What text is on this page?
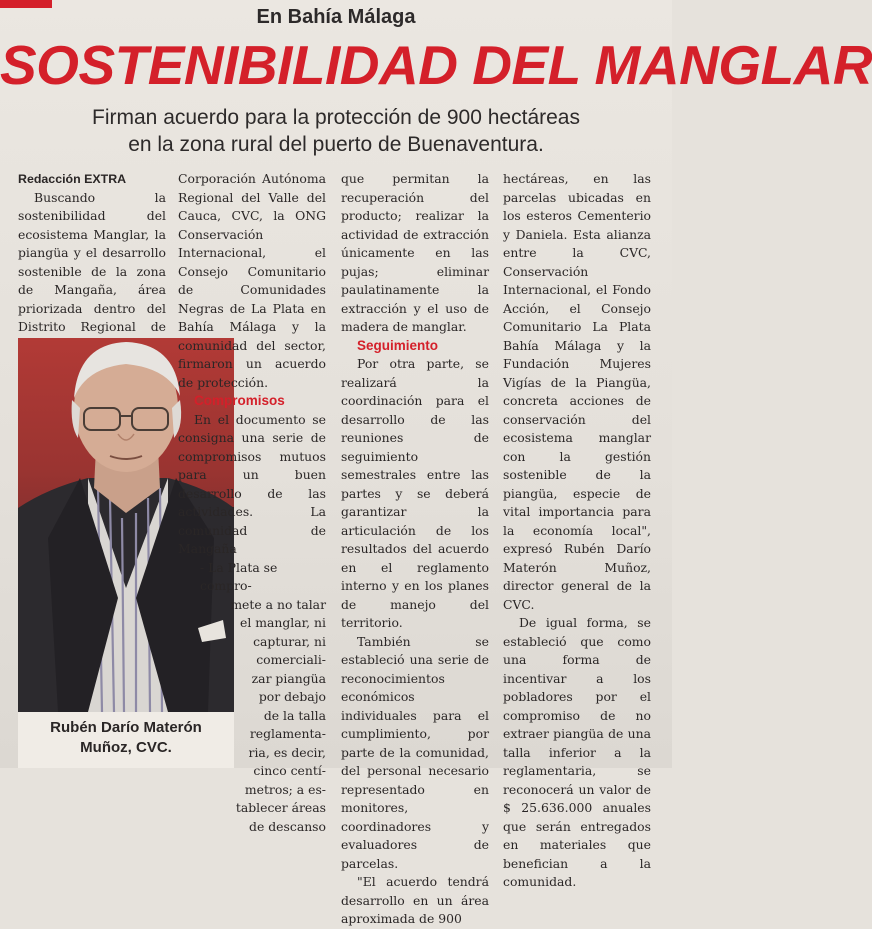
En Bahía Málaga
SOSTENIBILIDAD DEL MANGLAR
Firman acuerdo para la protección de 900 hectáreas
en la zona rural del puerto de Buenaventura.

Redacción EXTRA

Buscando la sostenibilidad del ecosistema Manglar, la piangüa y el desarrollo sostenible de la zona de Mangaña, área priorizada dentro del Distrito Regional de

Rubén Darío Materón
Muñoz, CVC.

Corporación Autónoma Regional del Valle del Cauca, CVC, la ONG Conservación Internacional, el Consejo Comunitario de Comunidades Negras de La Plata en Bahía Málaga y la comunidad del sector, firmaron un acuerdo de protección.

Compromisos

En el documento se consigna una serie de compromisos mutuos para un buen desarrollo de las actividades. La comunidad de Mangaña

- La Plata se compro-
mete a no talar
el manglar, ni
capturar, ni
comerciali-
zar piangüa
por debajo
de la talla
reglamenta-
ria, es decir,
cinco centí-
metros; a es-
tablecer áreas
de descanso

que permitan la recuperación del producto; realizar la actividad de extracción únicamente en las pujas; eliminar paulatinamente la extracción y el uso de madera de manglar.

Seguimiento

Por otra parte, se realizará la coordinación para el desarrollo de las reuniones de seguimiento semestrales entre las partes y se deberá garantizar la articulación de los resultados del acuerdo en el reglamento interno y en los planes de manejo del territorio.

También se estableció una serie de reconocimientos económicos individuales para el cumplimiento, por parte de la comunidad, del personal necesario representado en monitores, coordinadores y evaluadores de parcelas.

"El acuerdo tendrá desarrollo en un área aproximada de 900

hectáreas, en las parcelas ubicadas en los esteros Cementerio y Daniela. Esta alianza entre la CVC, Conservación Internacional, el Fondo Acción, el Consejo Comunitario La Plata Bahía Málaga y la Fundación Mujeres Vigías de la Piangüa, concreta acciones de conservación del ecosistema manglar con la gestión sostenible de la piangüa, especie de vital importancia para la economía local", expresó Rubén Darío Materón Muñoz, director general de la CVC.

De igual forma, se estableció que como una forma de incentivar a los pobladores por el compromiso de no extraer piangüa de una talla inferior a la reglamentaria, se reconocerá un valor de $ 25.636.000 anuales que serán entregados en materiales que benefician a la comunidad.
